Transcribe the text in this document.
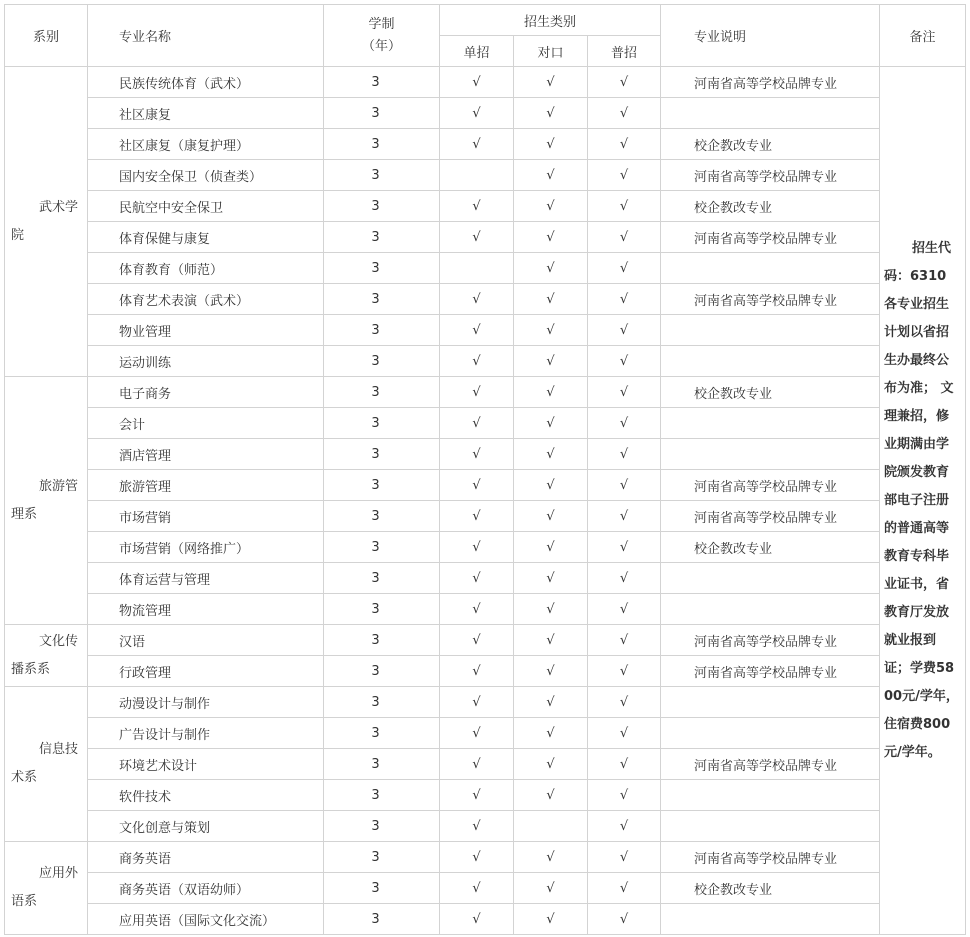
系别	专业名称	学制
（年）	招生类别			专业说明	备注
			单招	对口	普招		

武术学院	民族传统体育（武术）	3	√	√	√	河南省高等学校品牌专业	招生代码：6310 各专业招生计划以省招生办最终公布为准； 文理兼招，修业期满由学院颁发教育部电子注册的普通高等教育专科毕业证书，省教育厅发放就业报到证；学费5800元/学年，住宿费800元/学年。

	社区康复	3	√	√	√		
	社区康复（康复护理）	3	√	√	√	校企教改专业	
	国内安全保卫（侦查类）	3		√	√	河南省高等学校品牌专业	
	民航空中安全保卫	3	√	√	√	校企教改专业	
	体育保健与康复	3	√	√	√	河南省高等学校品牌专业	
	体育教育（师范）	3		√	√		
	体育艺术表演（武术）	3	√	√	√	河南省高等学校品牌专业	
	物业管理	3	√	√	√		
	运动训练	3	√	√	√		

旅游管理系	电子商务	3	√	√	√	校企教改专业	
	会计	3	√	√	√		
	酒店管理	3	√	√	√		
	旅游管理	3	√	√	√	河南省高等学校品牌专业	
	市场营销	3	√	√	√	河南省高等学校品牌专业	
	市场营销（网络推广）	3	√	√	√	校企教改专业	
	体育运营与管理	3	√	√	√		
	物流管理	3	√	√	√		

文化传播系系	汉语	3	√	√	√	河南省高等学校品牌专业	
	行政管理	3	√	√	√	河南省高等学校品牌专业	

信息技术系	动漫设计与制作	3	√	√	√		
	广告设计与制作	3	√	√	√		
	环境艺术设计	3	√	√	√	河南省高等学校品牌专业	
	软件技术	3	√	√	√		
	文化创意与策划	3	√		√		

应用外语系	商务英语	3	√	√	√	河南省高等学校品牌专业	
	商务英语（双语幼师）	3	√	√	√	校企教改专业	
	应用英语（国际文化交流）	3	√	√	√		
